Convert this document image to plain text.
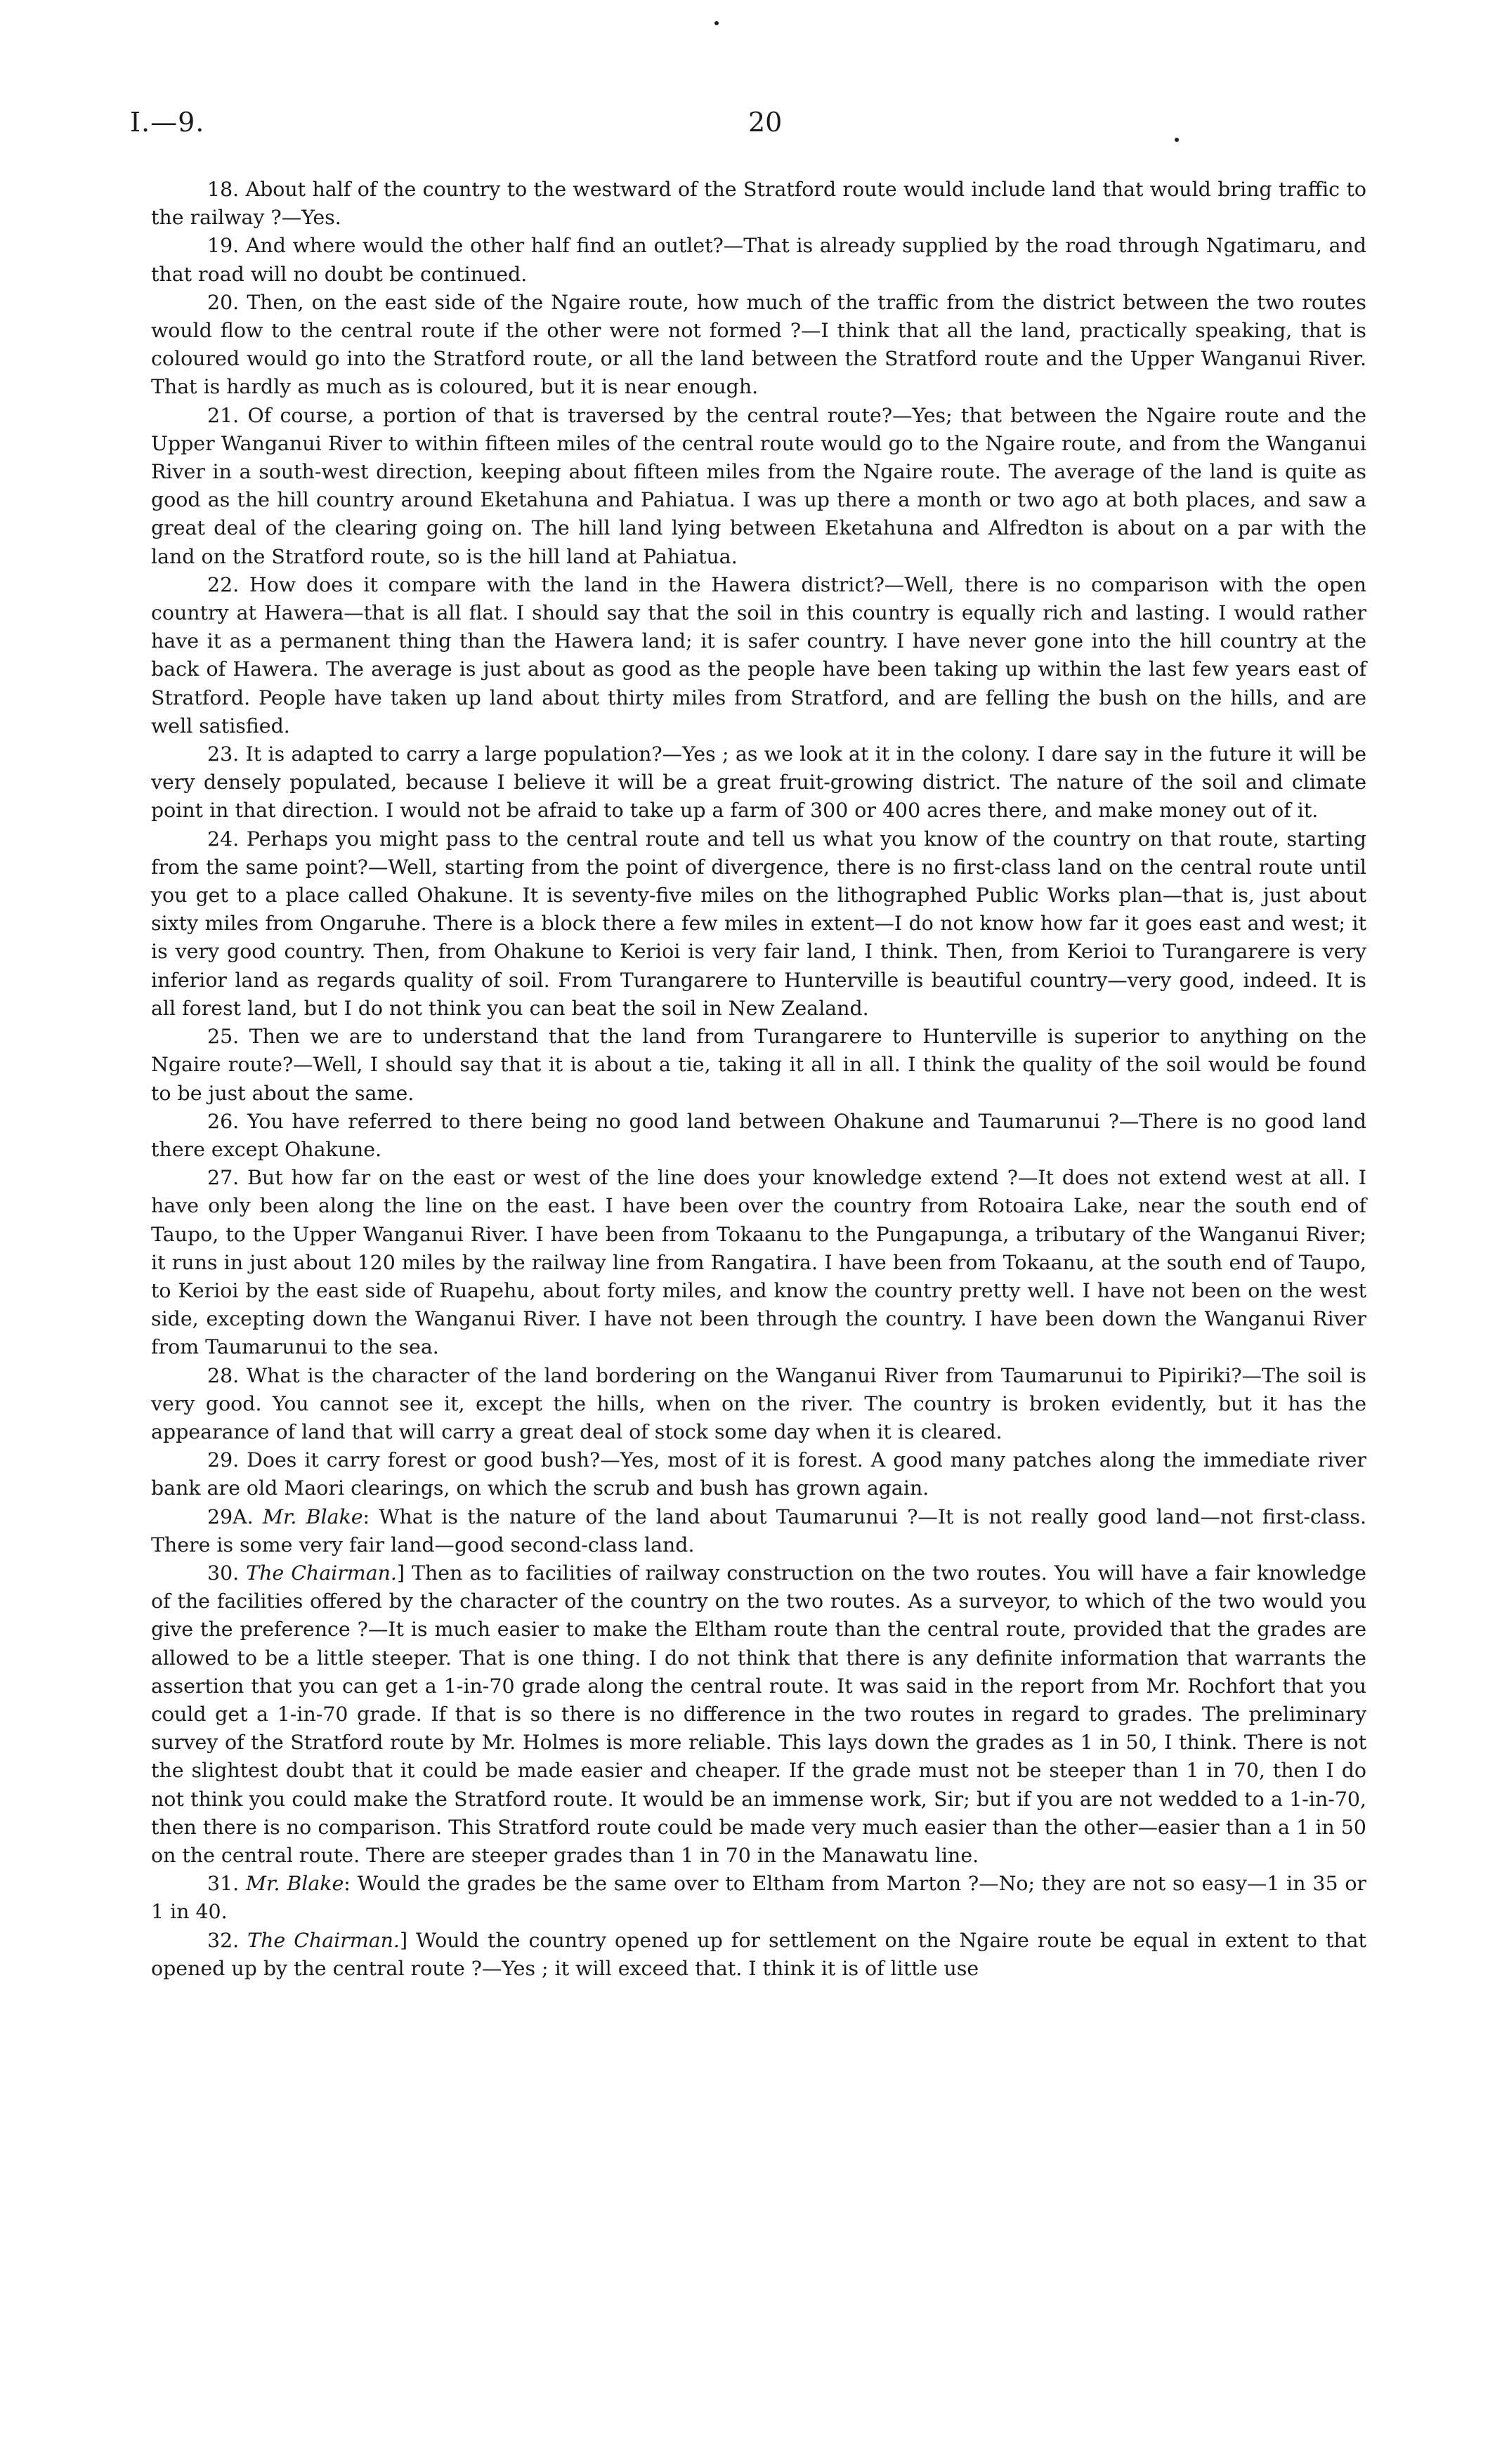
I.—9.	20

18. About half of the country to the westward of the Stratford route would include land that would bring traffic to the railway ?—Yes.

19. And where would the other half find an outlet?—That is already supplied by the road through Ngatimaru, and that road will no doubt be continued.

20. Then, on the east side of the Ngaire route, how much of the traffic from the district between the two routes would flow to the central route if the other were not formed ?—I think that all the land, practically speaking, that is coloured would go into the Stratford route, or all the land between the Stratford route and the Upper Wanganui River. That is hardly as much as is coloured, but it is near enough.

21. Of course, a portion of that is traversed by the central route?—Yes; that between the Ngaire route and the Upper Wanganui River to within fifteen miles of the central route would go to the Ngaire route, and from the Wanganui River in a south-west direction, keeping about fifteen miles from the Ngaire route. The average of the land is quite as good as the hill country around Eketahuna and Pahiatua. I was up there a month or two ago at both places, and saw a great deal of the clearing going on. The hill land lying between Eketahuna and Alfredton is about on a par with the land on the Stratford route, so is the hill land at Pahiatua.

22. How does it compare with the land in the Hawera district?—Well, there is no comparison with the open country at Hawera—that is all flat. I should say that the soil in this country is equally rich and lasting. I would rather have it as a permanent thing than the Hawera land; it is safer country. I have never gone into the hill country at the back of Hawera. The average is just about as good as the people have been taking up within the last few years east of Stratford. People have taken up land about thirty miles from Stratford, and are felling the bush on the hills, and are well satisfied.

23. It is adapted to carry a large population?—Yes ; as we look at it in the colony. I dare say in the future it will be very densely populated, because I believe it will be a great fruit-growing district. The nature of the soil and climate point in that direction. I would not be afraid to take up a farm of 300 or 400 acres there, and make money out of it.

24. Perhaps you might pass to the central route and tell us what you know of the country on that route, starting from the same point?—Well, starting from the point of divergence, there is no first-class land on the central route until you get to a place called Ohakune. It is seventy-five miles on the lithographed Public Works plan—that is, just about sixty miles from Ongaruhe. There is a block there a few miles in extent—I do not know how far it goes east and west; it is very good country. Then, from Ohakune to Kerioi is very fair land, I think. Then, from Kerioi to Turangarere is very inferior land as regards quality of soil. From Turangarere to Hunterville is beautiful country—very good, indeed. It is all forest land, but I do not think you can beat the soil in New Zealand.

25. Then we are to understand that the land from Turangarere to Hunterville is superior to anything on the Ngaire route?—Well, I should say that it is about a tie, taking it all in all. I think the quality of the soil would be found to be just about the same.

26. You have referred to there being no good land between Ohakune and Taumarunui ?—There is no good land there except Ohakune.

27. But how far on the east or west of the line does your knowledge extend ?—It does not extend west at all. I have only been along the line on the east. I have been over the country from Rotoaira Lake, near the south end of Taupo, to the Upper Wanganui River. I have been from Tokaanu to the Pungapunga, a tributary of the Wanganui River; it runs in just about 120 miles by the railway line from Rangatira. I have been from Tokaanu, at the south end of Taupo, to Kerioi by the east side of Ruapehu, about forty miles, and know the country pretty well. I have not been on the west side, excepting down the Wanganui River. I have not been through the country. I have been down the Wanganui River from Taumarunui to the sea.

28. What is the character of the land bordering on the Wanganui River from Taumarunui to Pipiriki?—The soil is very good. You cannot see it, except the hills, when on the river. The country is broken evidently, but it has the appearance of land that will carry a great deal of stock some day when it is cleared.

29. Does it carry forest or good bush?—Yes, most of it is forest. A good many patches along the immediate river bank are old Maori clearings, on which the scrub and bush has grown again.

29A. Mr. Blake: What is the nature of the land about Taumarunui ?—It is not really good land—not first-class. There is some very fair land—good second-class land.

30. The Chairman.] Then as to facilities of railway construction on the two routes. You will have a fair knowledge of the facilities offered by the character of the country on the two routes. As a surveyor, to which of the two would you give the preference ?—It is much easier to make the Eltham route than the central route, provided that the grades are allowed to be a little steeper. That is one thing. I do not think that there is any definite information that warrants the assertion that you can get a 1-in-70 grade along the central route. It was said in the report from Mr. Rochfort that you could get a 1-in-70 grade. If that is so there is no difference in the two routes in regard to grades. The preliminary survey of the Stratford route by Mr. Holmes is more reliable. This lays down the grades as 1 in 50, I think. There is not the slightest doubt that it could be made easier and cheaper. If the grade must not be steeper than 1 in 70, then I do not think you could make the Stratford route. It would be an immense work, Sir; but if you are not wedded to a 1-in-70, then there is no comparison. This Stratford route could be made very much easier than the other—easier than a 1 in 50 on the central route. There are steeper grades than 1 in 70 in the Manawatu line.

31. Mr. Blake: Would the grades be the same over to Eltham from Marton ?—No; they are not so easy—1 in 35 or 1 in 40.

32. The Chairman.] Would the country opened up for settlement on the Ngaire route be equal in extent to that opened up by the central route ?—Yes ; it will exceed that. I think it is of little use
